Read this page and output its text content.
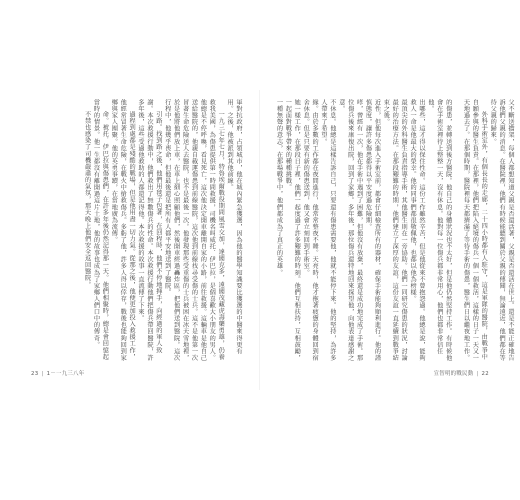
軍對抗政府，占領城市，他在城內緊急獲選，因為他的醫學知識要比獲選的中醫來得更有用。之後，他被派到其他前線。

一九三七年七月，特魯埃爾戰役期間風雪交加，達閣克多，遠閣茂藏虎壽藥勇雄，仍養救我美國，為傷患提供第一時間救援，司機名叫威托．伊巴拉，是個喜歡大小朋友的男人。他總是不停呼喚，看見死亡，這次他決定開車離開自家的小路，前往救援。這輛車是他自己送給醫院的，他親自載運傷患到前線醫院，這次他到前線找尋受傷的士兵。這不是他第一次冒著生命危險送人去醫院，也不是最後一次。他發現那些受重傷的士兵被困在冰天雪地裡，於是他將他們放上車，在車上細心照顧他們，然後開車經過轟炸區，把他們送到醫院。這次行程中，他幾乎喪命，但他最後還是把所有人都平安地送到了醫院。

引路。找到路之後，他們用毯子包著，在回程時，他們不停地揮手，向經過的軍人致謝。本次救援行動中，他們救出了無數傷兵的性命。本次救援行動他們把傷兵帶回醫院，許多年後，這些受過他救助的人都還記得他。本次救援的故事一直流傳了下來。

過程到處都是殘酷的戰場，但是他用盡一切力氣。從那之後，他便更加投入救援工作，他經常冒著生命危險，在戰火中搶救傷兵。多虧了他，許多人得以倖存，戰後也能夠回到家鄉與家人團聚。他的英勇事蹟，在當地廣為流傳。

命。被托．伊巴拉與傷患們，在許多年後仍然記得那一天。他們相聚時，總是會回憶起當時的情景。他一生都沒有離開過這片土地，他的故事也成為了家鄉人們口中的傳奇。

不禁也感染了司機嚴肅的氣氛，那天晚上他們安全返回醫院。

23 | 1－一九三八年

父不斷送擔架，每個人都想知道父親是否還活著，父親是否還活在世上。還是不能正確地告訴他們父親的消息。在醫院裡，他們有時候能聽到關於父親的傳聞，無論遠近，他們都在等待父親的歸來。

外科手術室外，有個長長的走廊，二十四小時都有人駐守，這是軍隊的醫院，由戰爭中自願參與的醫生負責。在那裡，他們把陷入絕境的傷兵一個一個救活，這樣的日子一天又一天地過去了。在那個時期，醫院裡每天都擠滿了等待手術的傷患，醫生們日以繼夜地工作。

的傷患，並轉送到後方醫院。他自己的身體狀況也不太好，但是他仍然堅持工作。有時候他會在手術室裡待上整整一天，沒有休息。他對每一位傷兵都非常用心，他們也都非常信任他。

出哪些，這才得以保住性命。這份工作雖然辛苦，但是他從來不曾抱怨過。他總是說，能夠救人一命是他最大的榮幸。他的同事們都很敬佩他，也都以他為榜樣。

最頂尖的外科醫生負責指導手術，其他醫生則在一旁協助。他們一同研究傷患的狀況，討論最好的治療方法。在那段艱難的時期，他們建立了深厚的友誼，這份友誼一直延續到戰爭結束之後。

近性，但他每次進入手術室前，都會仔細檢查所有的器材，確保手術能夠順利進行。他的謹慎態度，讓許多傷患都得以平安度過危險期。

哮，曾經有一次，他在手術中遇到了困難，但他沒有放棄，最終還是成功地完成了手術。那位傷兵後來康復出院，回到了家鄉。多年後，那位傷兵還特地回來探望他，向他表達感謝之意。

不休息。他總是這樣告訴自己，只要還有傷患需要他，他就不能停下來。他的堅持，為許多人帶來了希望。

緣。由於多數的工作都在夜間進行，他常常整夜不睡。天亮時，他才拖著疲憊的身體回到宿舍休息。但是只要有新的傷患送到，他又會立刻回到手術室。

她一樣工作，在那段日子裡，他們一起度過了許多艱難的時刻。他們互相扶持，互相鼓勵，一起面對戰爭帶來的種種挑戰。

一種無聲的意志，在那場戰爭中，他們都成為了真正的英雄。

宣智明的戰民動 | 22
